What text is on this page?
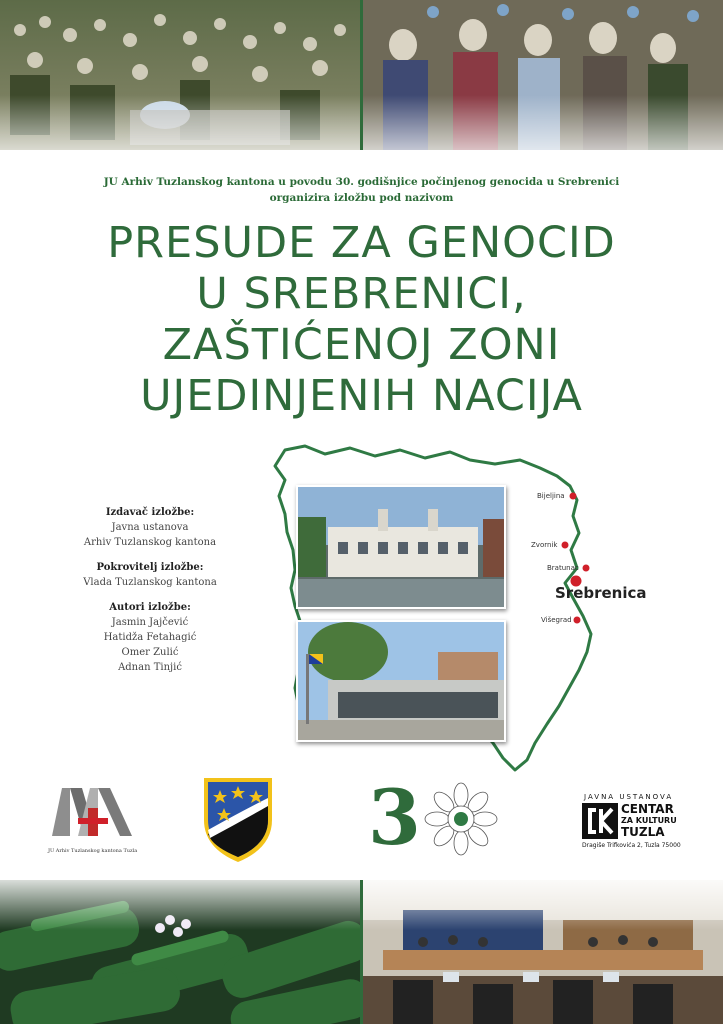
JU Arhiv Tuzlanskog kantona u povodu 30. godišnjice počinjenog genocida u Srebrenici
organizira izložbu pod nazivom
PRESUDE ZA GENOCID
U SREBRENICI,
ZAŠTIĆENOJ ZONI
UJEDINJENIH NACIJA
Izdavač izložbe:
Javna ustanova
Arhiv Tuzlanskog kantona
Pokrovitelj izložbe:
Vlada Tuzlanskog kantona
Autori izložbe:
Jasmin Jajčević
Hatidža Fetahagić
Omer Zulić
Adnan Tinjić
Bijeljina
Zvornik
Bratunac
Srebrenica
Višegrad
JU Arhiv Tuzlanskog kantona Tuzla	3	JAVNA USTANOVA
CENTAR
ZA KULTURU
TUZLA
Dragiše Trifkovića 2, Tuzla 75000
